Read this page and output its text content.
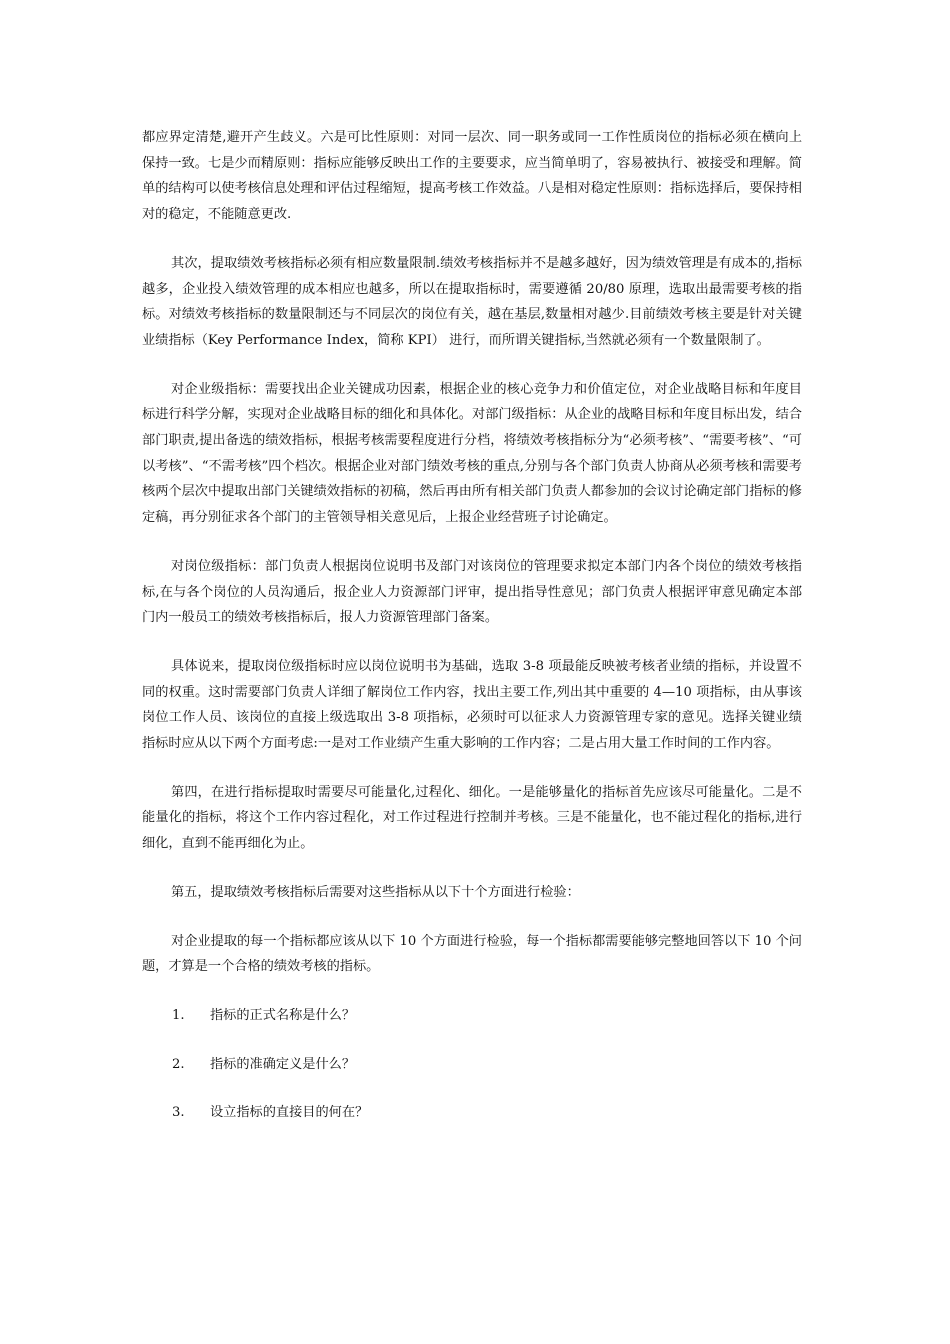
都应界定清楚,避开产生歧义。六是可比性原则：对同一层次、同一职务或同一工作性质岗位的指标必须在横向上保持一致。七是少而精原则：指标应能够反映出工作的主要要求，应当简单明了，容易被执行、被接受和理解。简单的结构可以使考核信息处理和评估过程缩短，提高考核工作效益。八是相对稳定性原则：指标选择后，要保持相对的稳定，不能随意更改.

其次，提取绩效考核指标必须有相应数量限制.绩效考核指标并不是越多越好，因为绩效管理是有成本的,指标越多，企业投入绩效管理的成本相应也越多，所以在提取指标时，需要遵循 20/80 原理，选取出最需要考核的指标。对绩效考核指标的数量限制还与不同层次的岗位有关，越在基层,数量相对越少.目前绩效考核主要是针对关键业绩指标（Key Performance Index，简称 KPI） 进行，而所谓关键指标,当然就必须有一个数量限制了。

对企业级指标：需要找出企业关键成功因素，根据企业的核心竞争力和价值定位，对企业战略目标和年度目标进行科学分解，实现对企业战略目标的细化和具体化。对部门级指标：从企业的战略目标和年度目标出发，结合部门职责,提出备选的绩效指标，根据考核需要程度进行分档，将绩效考核指标分为“必须考核”、“需要考核”、“可以考核”、“不需考核”四个档次。根据企业对部门绩效考核的重点,分别与各个部门负责人协商从必须考核和需要考核两个层次中提取出部门关键绩效指标的初稿，然后再由所有相关部门负责人都参加的会议讨论确定部门指标的修定稿，再分别征求各个部门的主管领导相关意见后，上报企业经营班子讨论确定。

对岗位级指标：部门负责人根据岗位说明书及部门对该岗位的管理要求拟定本部门内各个岗位的绩效考核指标,在与各个岗位的人员沟通后，报企业人力资源部门评审，提出指导性意见；部门负责人根据评审意见确定本部门内一般员工的绩效考核指标后，报人力资源管理部门备案。

具体说来，提取岗位级指标时应以岗位说明书为基础，选取 3-8 项最能反映被考核者业绩的指标，并设置不同的权重。这时需要部门负责人详细了解岗位工作内容，找出主要工作,列出其中重要的 4—10 项指标，由从事该岗位工作人员、该岗位的直接上级选取出 3-8 项指标，必须时可以征求人力资源管理专家的意见。选择关键业绩指标时应从以下两个方面考虑:一是对工作业绩产生重大影响的工作内容；二是占用大量工作时间的工作内容。

第四，在进行指标提取时需要尽可能量化,过程化、细化。一是能够量化的指标首先应该尽可能量化。二是不能量化的指标，将这个工作内容过程化，对工作过程进行控制并考核。三是不能量化，也不能过程化的指标,进行细化，直到不能再细化为止。

第五，提取绩效考核指标后需要对这些指标从以下十个方面进行检验：

对企业提取的每一个指标都应该从以下 10 个方面进行检验，每一个指标都需要能够完整地回答以下 10 个问题，才算是一个合格的绩效考核的指标。

1. 指标的正式名称是什么？
2. 指标的准确定义是什么？
3. 设立指标的直接目的何在？
